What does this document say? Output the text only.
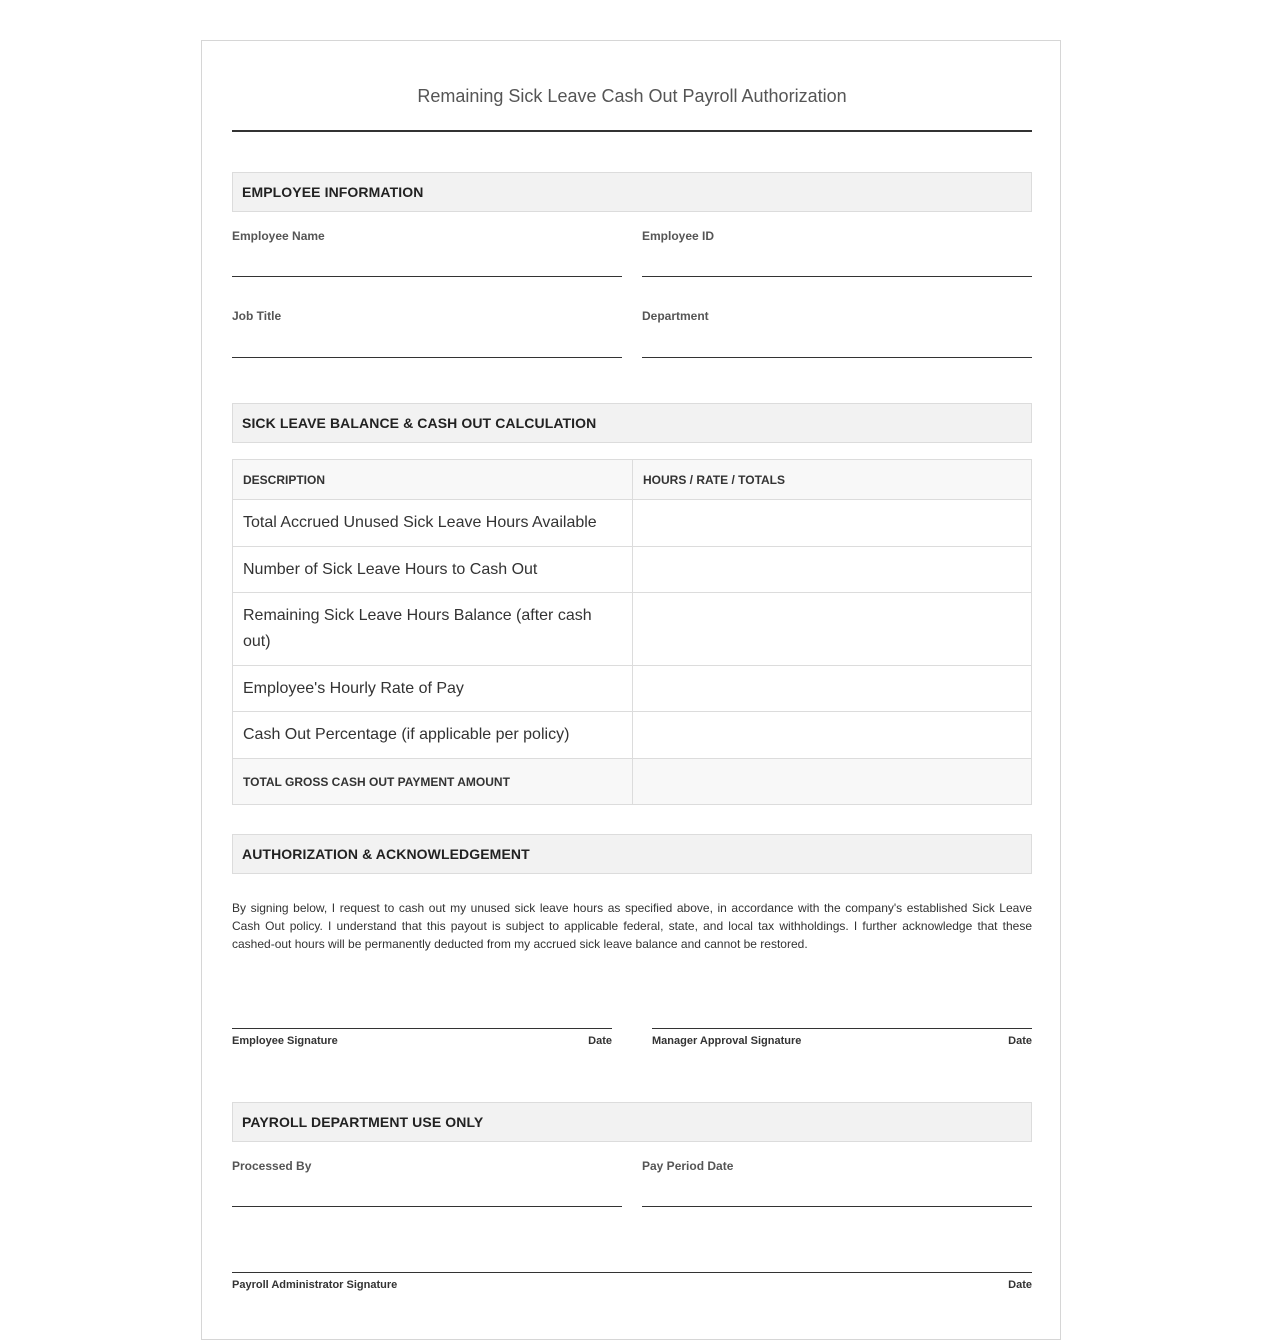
Remaining Sick Leave Cash Out Payroll Authorization
EMPLOYEE INFORMATION
Employee Name	Employee ID
Job Title	Department
SICK LEAVE BALANCE & CASH OUT CALCULATION
DESCRIPTION	HOURS / RATE / TOTALS
Total Accrued Unused Sick Leave Hours Available	
Number of Sick Leave Hours to Cash Out	
Remaining Sick Leave Hours Balance (after cash out)	
Employee's Hourly Rate of Pay	
Cash Out Percentage (if applicable per policy)	
TOTAL GROSS CASH OUT PAYMENT AMOUNT	
AUTHORIZATION & ACKNOWLEDGEMENT
By signing below, I request to cash out my unused sick leave hours as specified above, in accordance with the company's established Sick Leave Cash Out policy. I understand that this payout is subject to applicable federal, state, and local tax withholdings. I further acknowledge that these cashed-out hours will be permanently deducted from my accrued sick leave balance and cannot be restored.
Employee Signature	Date	Manager Approval Signature	Date
PAYROLL DEPARTMENT USE ONLY
Processed By	Pay Period Date
Payroll Administrator Signature	Date
